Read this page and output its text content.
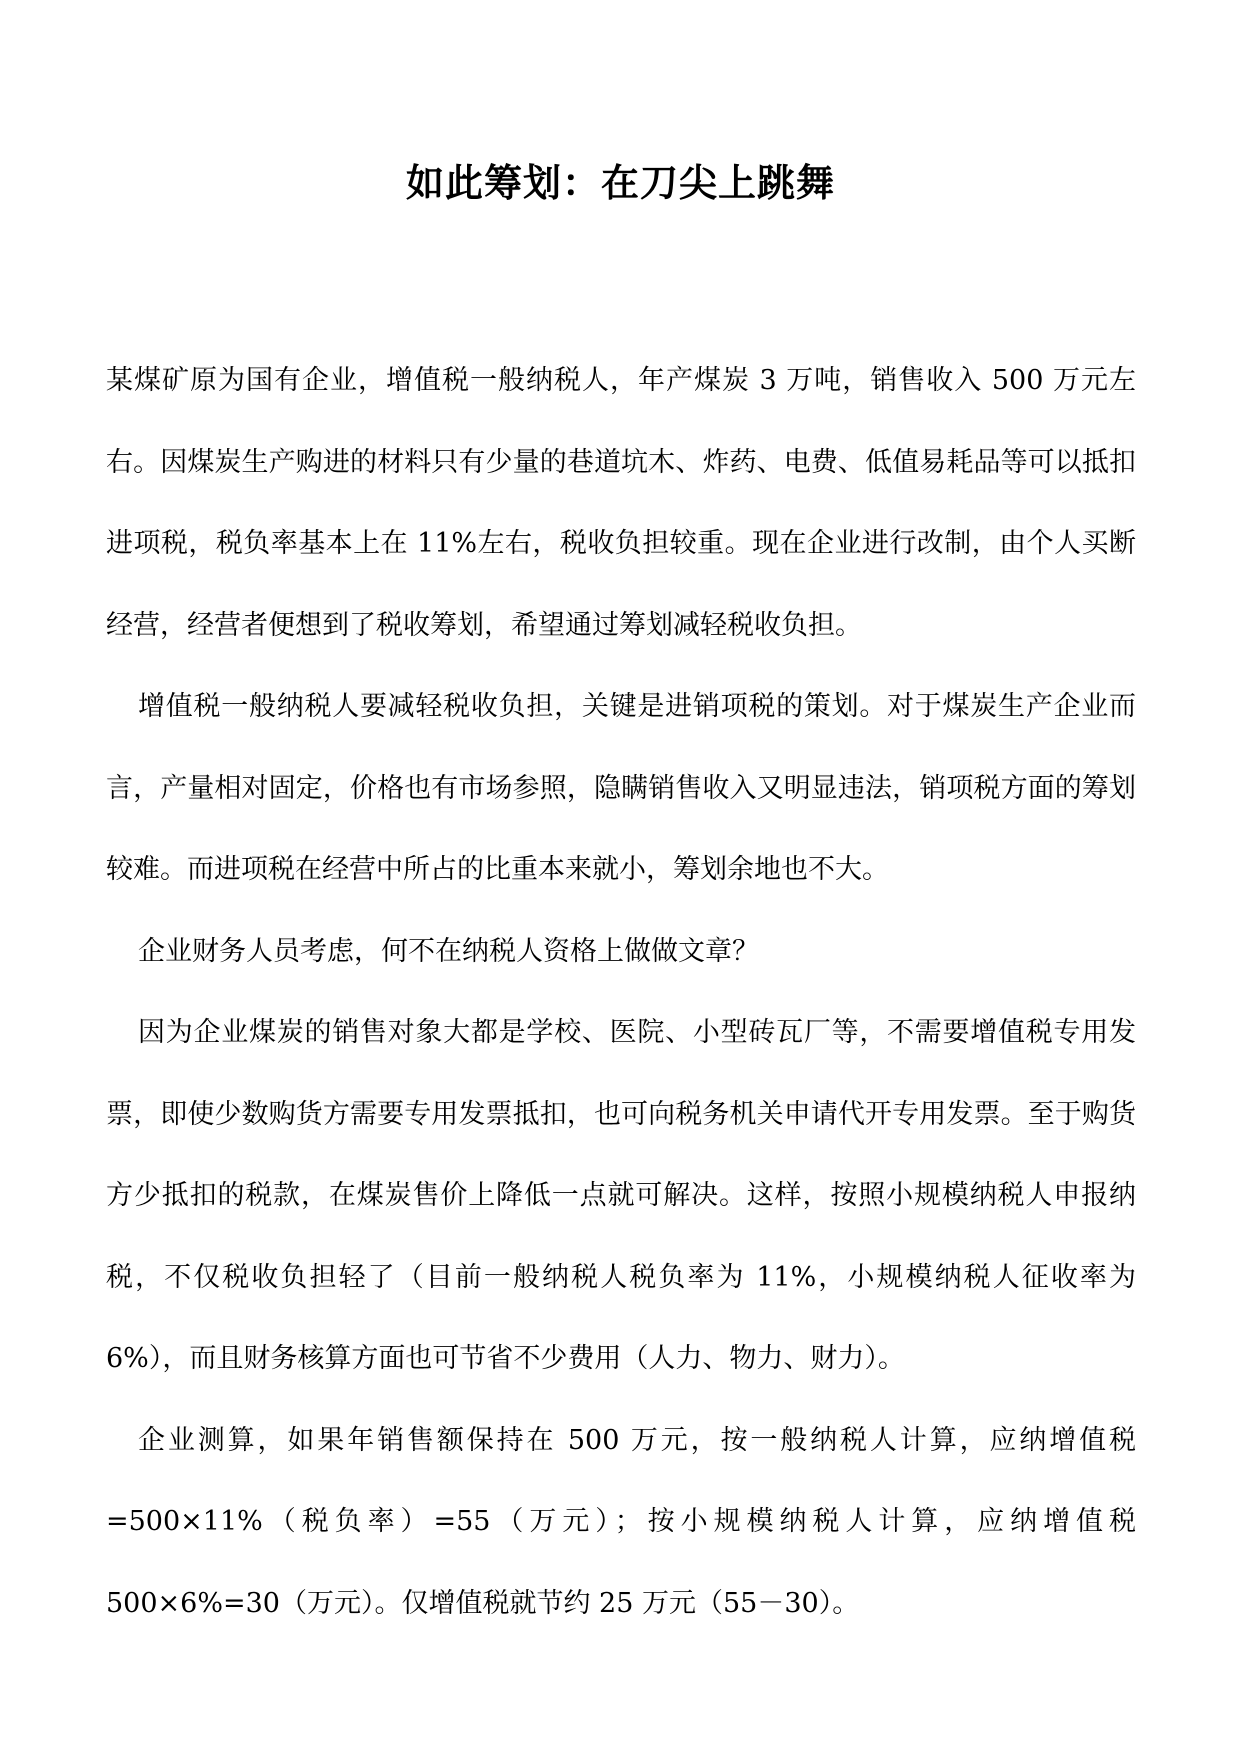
如此筹划：在刀尖上跳舞

某煤矿原为国有企业，增值税一般纳税人，年产煤炭 3 万吨，销售收入 500 万元左右。因煤炭生产购进的材料只有少量的巷道坑木、炸药、电费、低值易耗品等可以抵扣进项税，税负率基本上在 11%左右，税收负担较重。现在企业进行改制，由个人买断经营，经营者便想到了税收筹划，希望通过筹划减轻税收负担。

增值税一般纳税人要减轻税收负担，关键是进销项税的策划。对于煤炭生产企业而言，产量相对固定，价格也有市场参照，隐瞒销售收入又明显违法，销项税方面的筹划较难。而进项税在经营中所占的比重本来就小，筹划余地也不大。

企业财务人员考虑，何不在纳税人资格上做做文章？

因为企业煤炭的销售对象大都是学校、医院、小型砖瓦厂等，不需要增值税专用发票，即使少数购货方需要专用发票抵扣，也可向税务机关申请代开专用发票。至于购货方少抵扣的税款，在煤炭售价上降低一点就可解决。这样，按照小规模纳税人申报纳税，不仅税收负担轻了（目前一般纳税人税负率为 11%，小规模纳税人征收率为 6%），而且财务核算方面也可节省不少费用（人力、物力、财力）。

企业测算，如果年销售额保持在 500 万元，按一般纳税人计算，应纳增值税=500×11%（税负率）=55（万元）；按小规模纳税人计算，应纳增值税 500×6%=30（万元）。仅增值税就节约 25 万元（55－30）。
